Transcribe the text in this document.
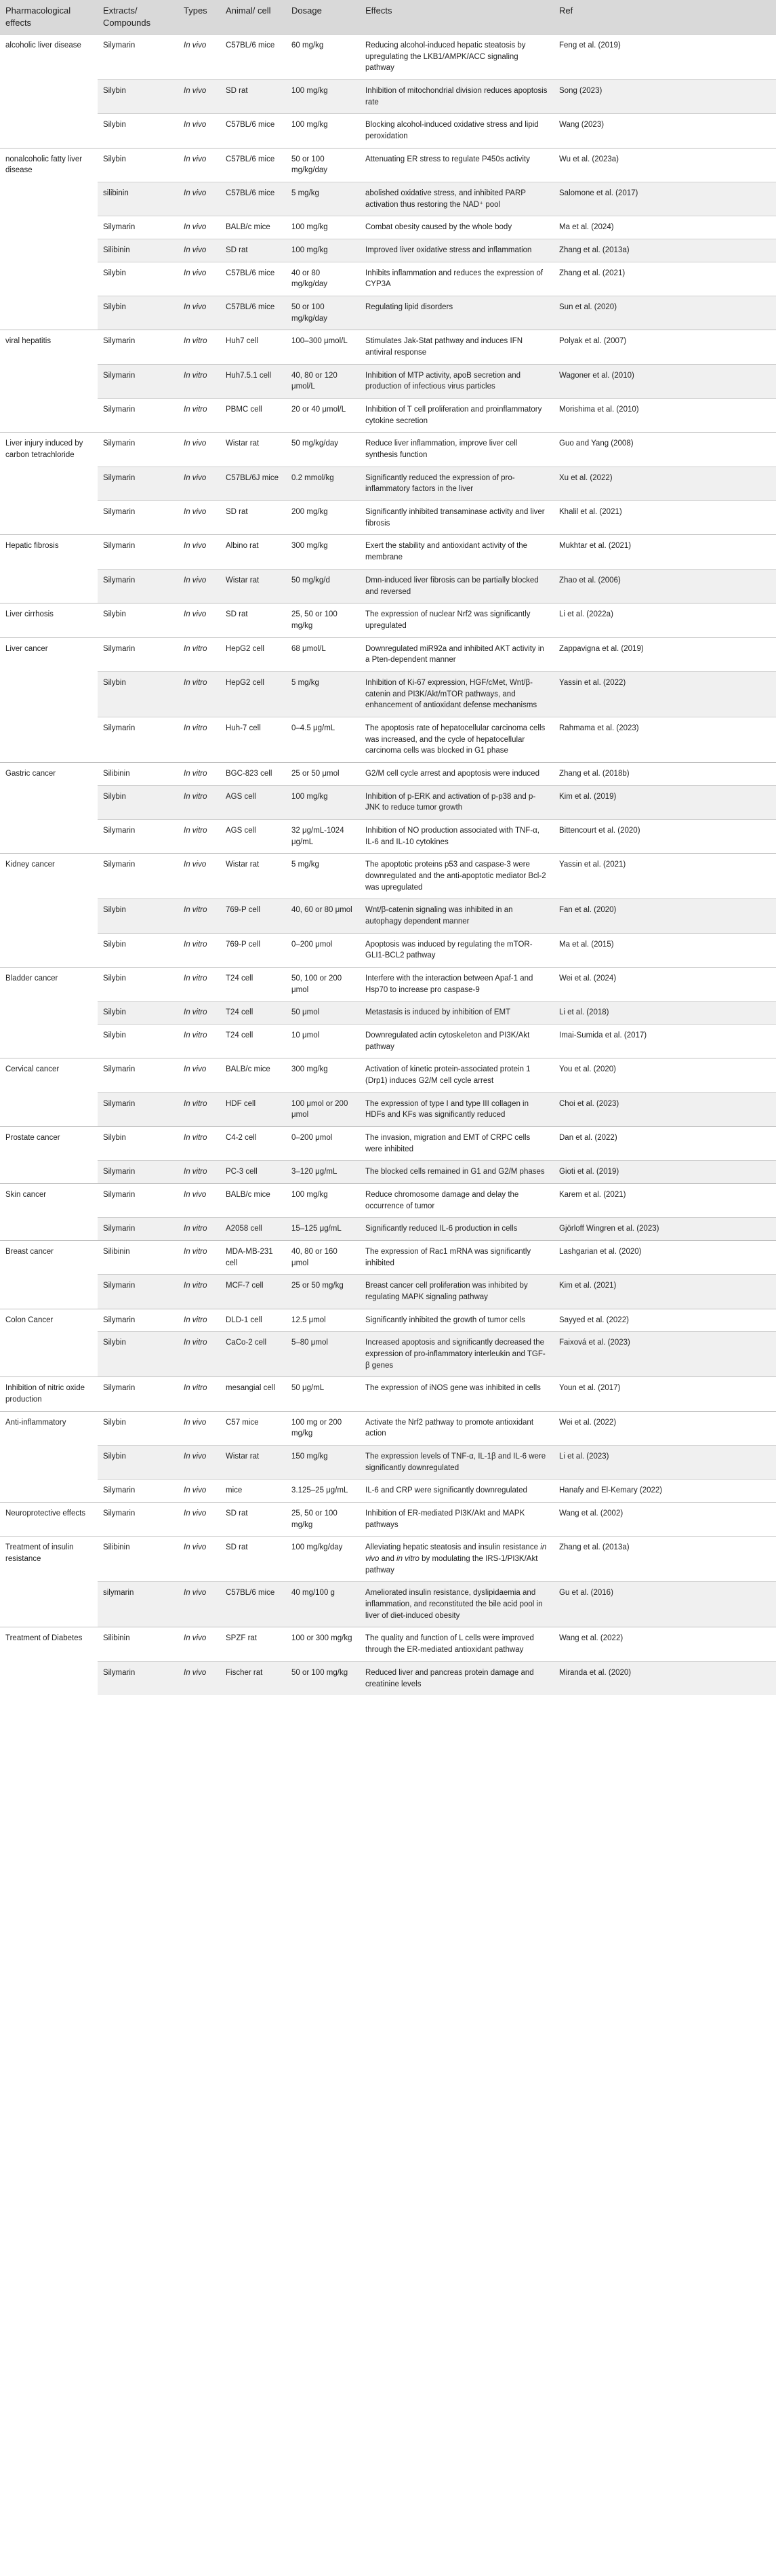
Pharmacological effects	Extracts/ Compounds	Types	Animal/ cell	Dosage	Effects	Ref
alcoholic liver disease	Silymarin	In vivo	C57BL/6 mice	60 mg/kg	Reducing alcohol-induced hepatic steatosis by upregulating the LKB1/AMPK/ACC signaling pathway	Feng et al. (2019)
	Silybin	In vivo	SD rat	100 mg/kg	Inhibition of mitochondrial division reduces apoptosis rate	Song (2023)
	Silybin	In vivo	C57BL/6 mice	100 mg/kg	Blocking alcohol-induced oxidative stress and lipid peroxidation	Wang (2023)
nonalcoholic fatty liver disease	Silybin	In vivo	C57BL/6 mice	50 or 100 mg/kg/day	Attenuating ER stress to regulate P450s activity	Wu et al. (2023a)
	silibinin	In vivo	C57BL/6 mice	5 mg/kg	abolished oxidative stress, and inhibited PARP activation thus restoring the NAD⁺ pool	Salomone et al. (2017)
	Silymarin	In vivo	BALB/c mice	100 mg/kg	Combat obesity caused by the whole body	Ma et al. (2024)
	Silibinin	In vivo	SD rat	100 mg/kg	Improved liver oxidative stress and inflammation	Zhang et al. (2013a)
	Silybin	In vivo	C57BL/6 mice	40 or 80 mg/kg/day	Inhibits inflammation and reduces the expression of CYP3A	Zhang et al. (2021)
	Silybin	In vivo	C57BL/6 mice	50 or 100 mg/kg/day	Regulating lipid disorders	Sun et al. (2020)
viral hepatitis	Silymarin	In vitro	Huh7 cell	100–300 μmol/L	Stimulates Jak-Stat pathway and induces IFN antiviral response	Polyak et al. (2007)
	Silymarin	In vitro	Huh7.5.1 cell	40, 80 or 120 μmol/L	Inhibition of MTP activity, apoB secretion and production of infectious virus particles	Wagoner et al. (2010)
	Silymarin	In vitro	PBMC cell	20 or 40 μmol/L	Inhibition of T cell proliferation and proinflammatory cytokine secretion	Morishima et al. (2010)
Liver injury induced by carbon tetrachloride	Silymarin	In vivo	Wistar rat	50 mg/kg/day	Reduce liver inflammation, improve liver cell synthesis function	Guo and Yang (2008)
	Silymarin	In vivo	C57BL/6J mice	0.2 mmol/kg	Significantly reduced the expression of pro-inflammatory factors in the liver	Xu et al. (2022)
	Silymarin	In vivo	SD rat	200 mg/kg	Significantly inhibited transaminase activity and liver fibrosis	Khalil et al. (2021)
Hepatic fibrosis	Silymarin	In vivo	Albino rat	300 mg/kg	Exert the stability and antioxidant activity of the membrane	Mukhtar et al. (2021)
	Silymarin	In vivo	Wistar rat	50 mg/kg/d	Dmn-induced liver fibrosis can be partially blocked and reversed	Zhao et al. (2006)
Liver cirrhosis	Silybin	In vivo	SD rat	25, 50 or 100 mg/kg	The expression of nuclear Nrf2 was significantly upregulated	Li et al. (2022a)
Liver cancer	Silymarin	In vitro	HepG2 cell	68 μmol/L	Downregulated miR92a and inhibited AKT activity in a Pten-dependent manner	Zappavigna et al. (2019)
	Silybin	In vitro	HepG2 cell	5 mg/kg	Inhibition of Ki-67 expression, HGF/cMet, Wnt/β-catenin and PI3K/Akt/mTOR pathways, and enhancement of antioxidant defense mechanisms	Yassin et al. (2022)
	Silymarin	In vitro	Huh-7 cell	0–4.5 μg/mL	The apoptosis rate of hepatocellular carcinoma cells was increased, and the cycle of hepatocellular carcinoma cells was blocked in G1 phase	Rahmama et al. (2023)
Gastric cancer	Silibinin	In vitro	BGC-823 cell	25 or 50 μmol	G2/M cell cycle arrest and apoptosis were induced	Zhang et al. (2018b)
	Silybin	In vitro	AGS cell	100 mg/kg	Inhibition of p-ERK and activation of p-p38 and p-JNK to reduce tumor growth	Kim et al. (2019)
	Silymarin	In vitro	AGS cell	32 μg/mL-1024 μg/mL	Inhibition of NO production associated with TNF-α, IL-6 and IL-10 cytokines	Bittencourt et al. (2020)
Kidney cancer	Silymarin	In vivo	Wistar rat	5 mg/kg	The apoptotic proteins p53 and caspase-3 were downregulated and the anti-apoptotic mediator Bcl-2 was upregulated	Yassin et al. (2021)
	Silybin	In vitro	769-P cell	40, 60 or 80 μmol	Wnt/β-catenin signaling was inhibited in an autophagy dependent manner	Fan et al. (2020)
	Silybin	In vitro	769-P cell	0–200 μmol	Apoptosis was induced by regulating the mTOR-GLI1-BCL2 pathway	Ma et al. (2015)
Bladder cancer	Silybin	In vitro	T24 cell	50, 100 or 200 μmol	Interfere with the interaction between Apaf-1 and Hsp70 to increase pro caspase-9	Wei et al. (2024)
	Silybin	In vitro	T24 cell	50 μmol	Metastasis is induced by inhibition of EMT	Li et al. (2018)
	Silybin	In vitro	T24 cell	10 μmol	Downregulated actin cytoskeleton and PI3K/Akt pathway	Imai-Sumida et al. (2017)
Cervical cancer	Silymarin	In vivo	BALB/c mice	300 mg/kg	Activation of kinetic protein-associated protein 1 (Drp1) induces G2/M cell cycle arrest	You et al. (2020)
	Silymarin	In vitro	HDF cell	100 μmol or 200 μmol	The expression of type I and type III collagen in HDFs and KFs was significantly reduced	Choi et al. (2023)
Prostate cancer	Silybin	In vitro	C4-2 cell	0–200 μmol	The invasion, migration and EMT of CRPC cells were inhibited	Dan et al. (2022)
	Silymarin	In vitro	PC-3 cell	3–120 μg/mL	The blocked cells remained in G1 and G2/M phases	Gioti et al. (2019)
Skin cancer	Silymarin	In vivo	BALB/c mice	100 mg/kg	Reduce chromosome damage and delay the occurrence of tumor	Karem et al. (2021)
	Silymarin	In vitro	A2058 cell	15–125 μg/mL	Significantly reduced IL-6 production in cells	Gjörloff Wingren et al. (2023)
Breast cancer	Silibinin	In vitro	MDA-MB-231 cell	40, 80 or 160 μmol	The expression of Rac1 mRNA was significantly inhibited	Lashgarian et al. (2020)
	Silymarin	In vitro	MCF-7 cell	25 or 50 mg/kg	Breast cancer cell proliferation was inhibited by regulating MAPK signaling pathway	Kim et al. (2021)
Colon Cancer	Silymarin	In vitro	DLD-1 cell	12.5 μmol	Significantly inhibited the growth of tumor cells	Sayyed et al. (2022)
	Silybin	In vitro	CaCo-2 cell	5–80 μmol	Increased apoptosis and significantly decreased the expression of pro-inflammatory interleukin and TGF-β genes	Faixová et al. (2023)
Inhibition of nitric oxide production	Silymarin	In vitro	mesangial cell	50 μg/mL	The expression of iNOS gene was inhibited in cells	Youn et al. (2017)
Anti-inflammatory	Silybin	In vivo	C57 mice	100 mg or 200 mg/kg	Activate the Nrf2 pathway to promote antioxidant action	Wei et al. (2022)
	Silybin	In vivo	Wistar rat	150 mg/kg	The expression levels of TNF-α, IL-1β and IL-6 were significantly downregulated	Li et al. (2023)
	Silymarin	In vivo	mice	3.125–25 μg/mL	IL-6 and CRP were significantly downregulated	Hanafy and El-Kemary (2022)
Neuroprotective effects	Silymarin	In vivo	SD rat	25, 50 or 100 mg/kg	Inhibition of ER-mediated PI3K/Akt and MAPK pathways	Wang et al. (2002)
Treatment of insulin resistance	Silibinin	In vivo	SD rat	100 mg/kg/day	Alleviating hepatic steatosis and insulin resistance in vivo and in vitro by modulating the IRS-1/PI3K/Akt pathway	Zhang et al. (2013a)
	silymarin	In vivo	C57BL/6 mice	40 mg/100 g	Ameliorated insulin resistance, dyslipidaemia and inflammation, and reconstituted the bile acid pool in liver of diet-induced obesity	Gu et al. (2016)
Treatment of Diabetes	Silibinin	In vivo	SPZF rat	100 or 300 mg/kg	The quality and function of L cells were improved through the ER-mediated antioxidant pathway	Wang et al. (2022)
	Silymarin	In vivo	Fischer rat	50 or 100 mg/kg	Reduced liver and pancreas protein damage and creatinine levels	Miranda et al. (2020)
